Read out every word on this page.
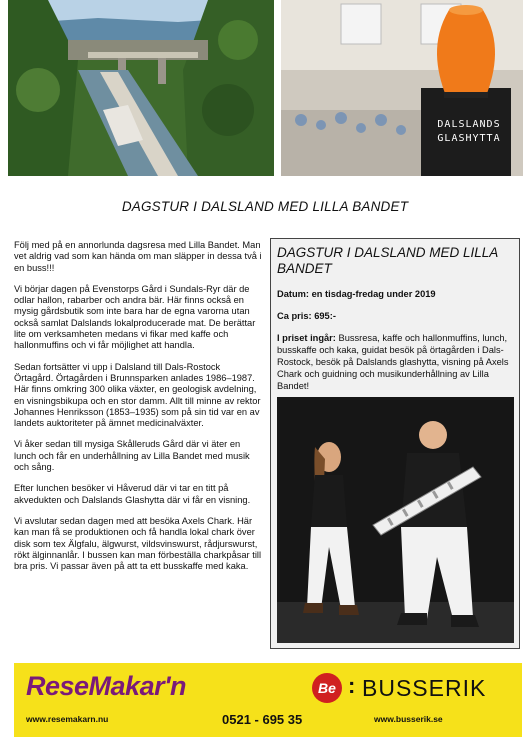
DALSLANDS
GLASHYTTA
DAGSTUR I DALSLAND MED LILLA BANDET

Följ med på en annorlunda dagsresa med Lilla Bandet. Man vet aldrig vad som kan hända om man släpper in dessa två i en buss!!!

Vi börjar dagen på Evenstorps Gård i Sundals-Ryr där de odlar hallon, rabarber och andra bär. Här finns också en mysig gårdsbutik som inte bara har de egna varorna utan också samlat Dalslands lokalproducerade mat. De berättar lite om verksamheten medans vi fikar med kaffe och hallonmuffins och vi får möjlighet att handla.

Sedan fortsätter vi upp i Dalsland till Dals-Rostock Örtagård. Örtagården i Brunnsparken anlades 1986–1987. Här finns omkring 300 olika växter, en geologisk avdelning, en visningsbikupa och en stor damm. Allt till minne av rektor Johannes Henriksson (1853–1935) som på sin tid var en av landets auktoriteter på ämnet medicinalväxter.

Vi åker sedan till mysiga Skålleruds Gård där vi äter en lunch och får en underhållning av Lilla Bandet med musik och sång.

Efter lunchen besöker vi Håverud där vi tar en titt på akvedukten och Dalslands Glashytta där vi får en visning.

Vi avslutar sedan dagen med att besöka Axels Chark. Här kan man få se produktionen och få handla lokal chark över disk som tex Älgfalu, älgwurst, vildsvinswurst, rådjurswurst, rökt älginnanlår. I bussen kan man förbeställa charkpåsar till bra pris. Vi passar även på att ta ett busskaffe med kaka.

DAGSTUR I DALSLAND MED LILLA BANDET
Datum: en tisdag-fredag under 2019
Ca pris: 695:-
I priset ingår: Bussresa, kaffe och hallonmuffins, lunch, busskaffe och kaka, guidat besök på örtagården i Dals-Rostock, besök på Dalslands glashytta, visning på Axels Chark och guidning och musikunderhållning av Lilla Bandet!
ReseMakar'n
www.resemakarn.nu	0521 - 695 35
Be : BUSSERIK
www.busserik.se
